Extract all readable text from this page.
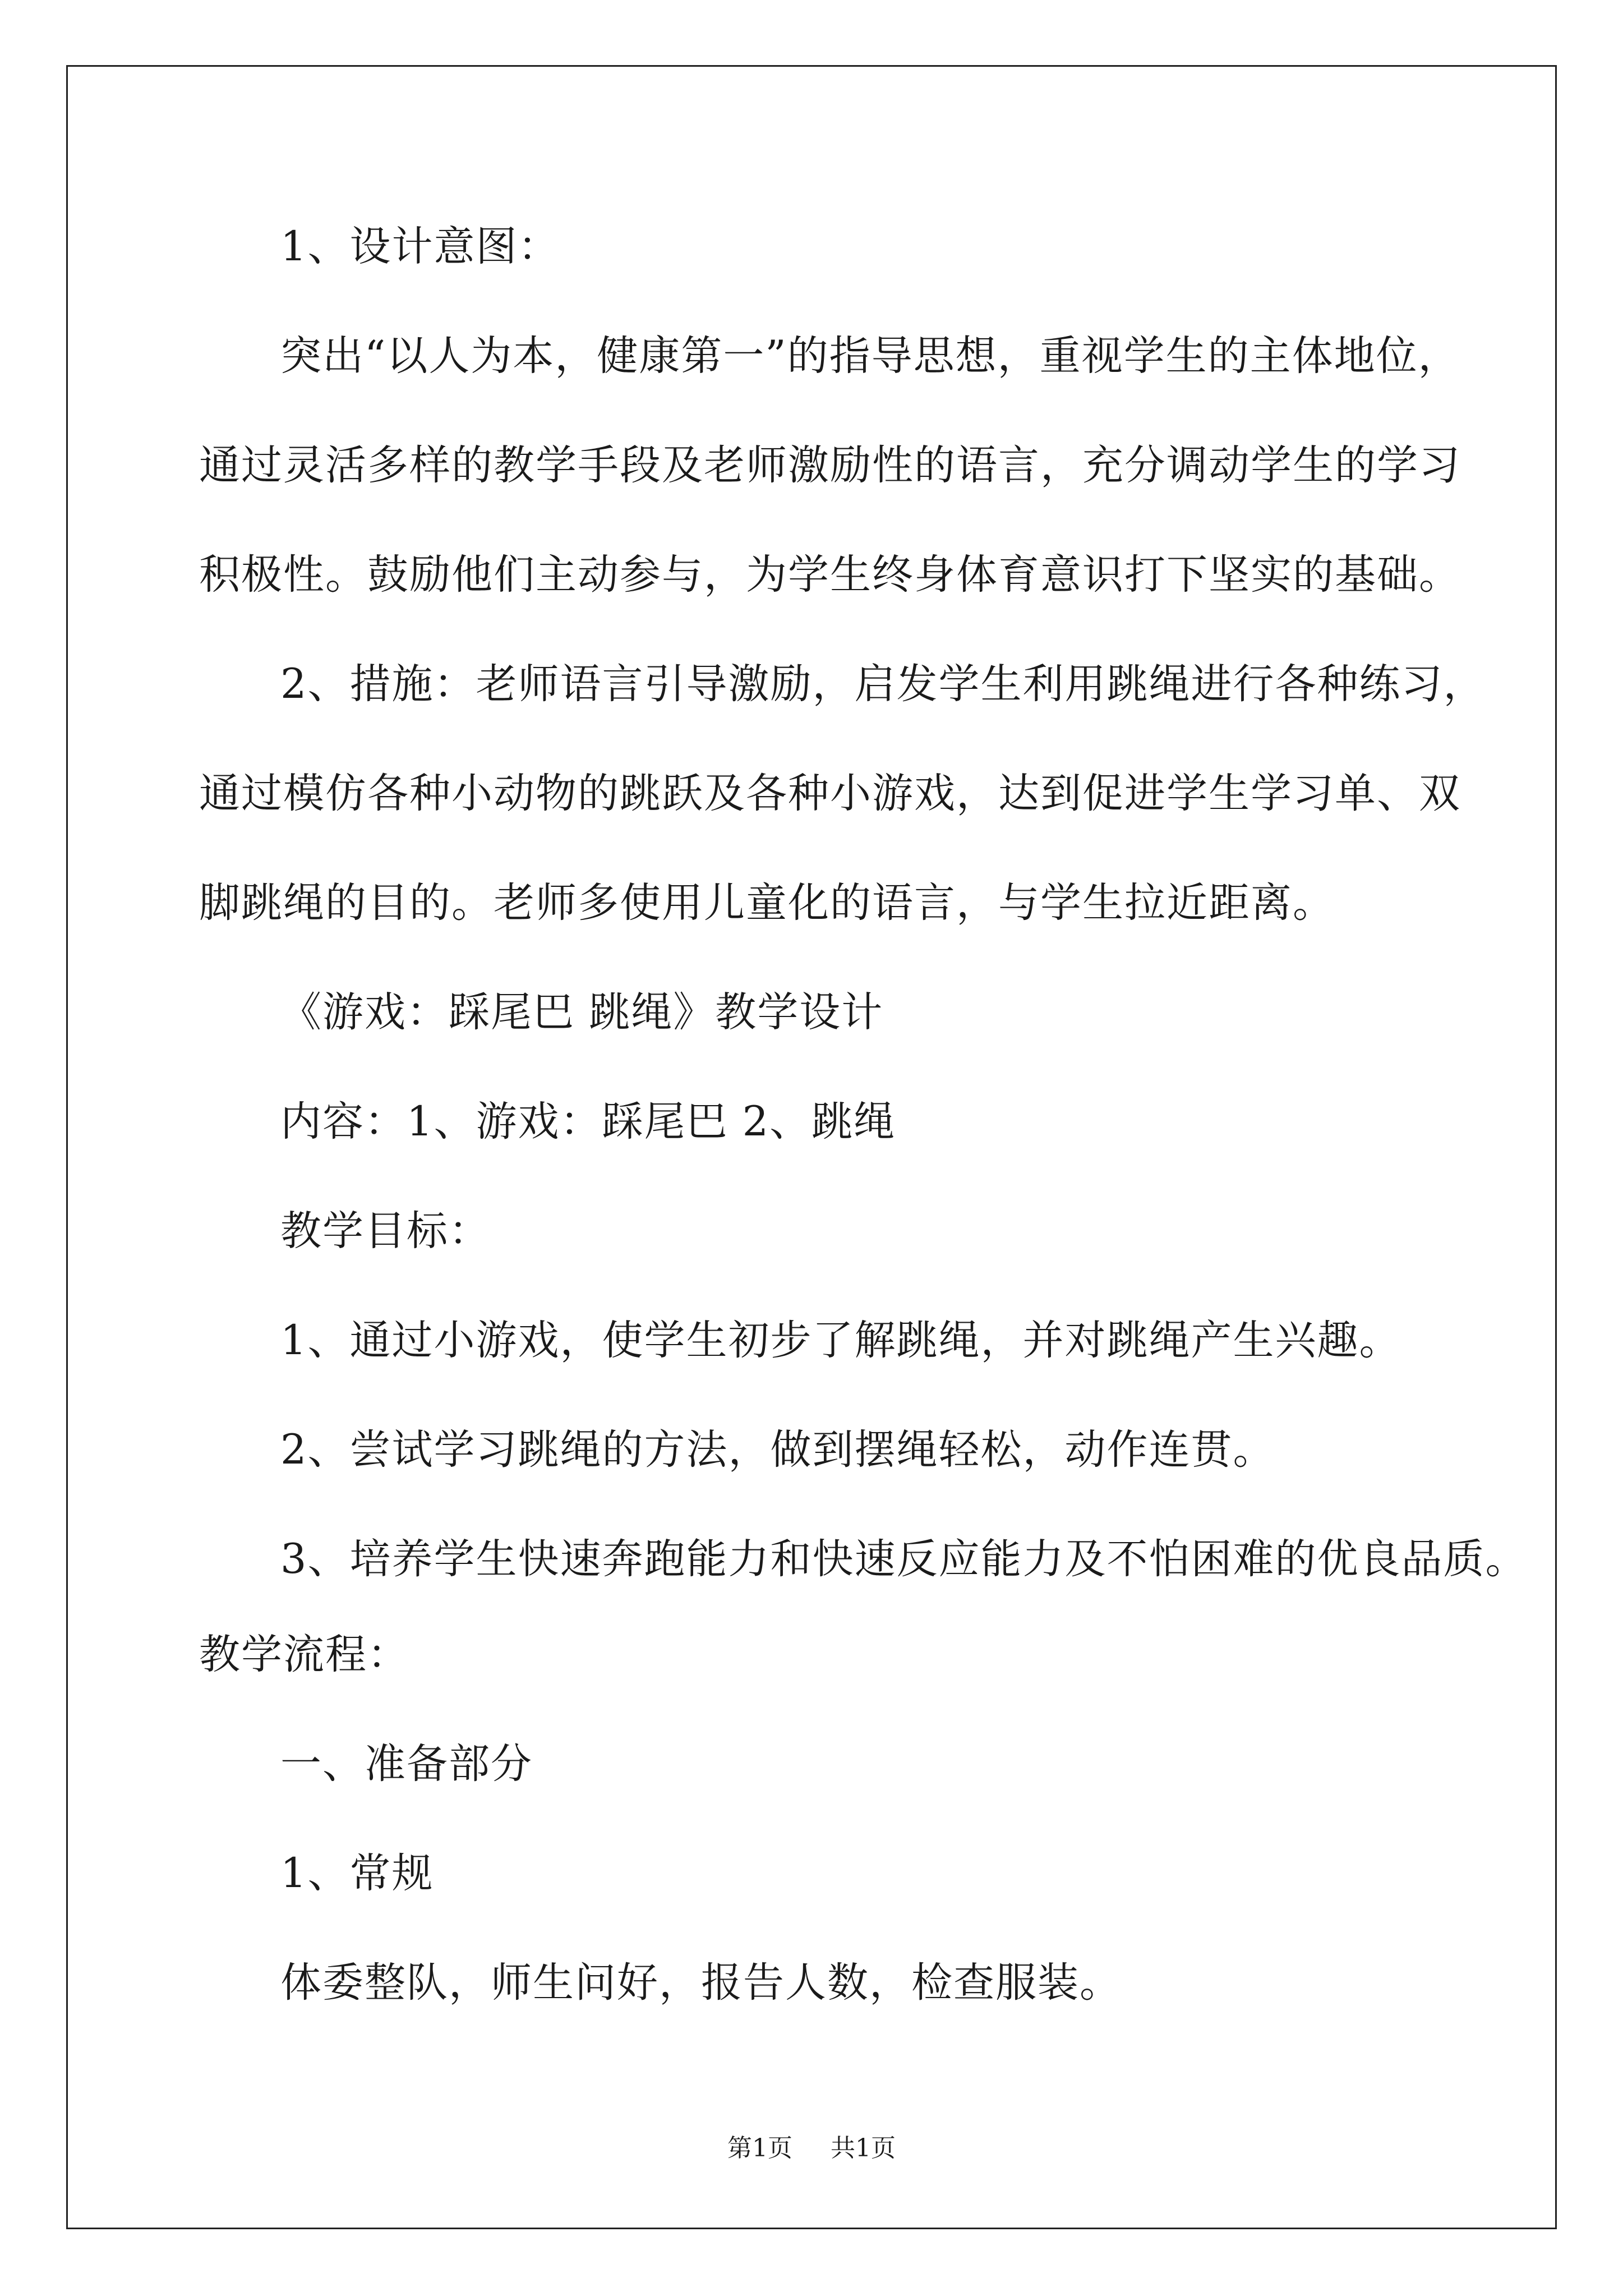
1、设计意图：
突出“以人为本，健康第一”的指导思想，重视学生的主体地位，
通过灵活多样的教学手段及老师激励性的语言，充分调动学生的学习
积极性。鼓励他们主动参与，为学生终身体育意识打下坚实的基础。
2、措施：老师语言引导激励，启发学生利用跳绳进行各种练习，
通过模仿各种小动物的跳跃及各种小游戏，达到促进学生学习单、双
脚跳绳的目的。老师多使用儿童化的语言，与学生拉近距离。
《游戏：踩尾巴 跳绳》教学设计
内容：1、游戏：踩尾巴 2、跳绳
教学目标：
1、通过小游戏，使学生初步了解跳绳，并对跳绳产生兴趣。
2、尝试学习跳绳的方法，做到摆绳轻松，动作连贯。
3、培养学生快速奔跑能力和快速反应能力及不怕困难的优良品质。
教学流程：
一、准备部分
1、常规
体委整队，师生问好，报告人数，检查服装。
第1页 共1页
